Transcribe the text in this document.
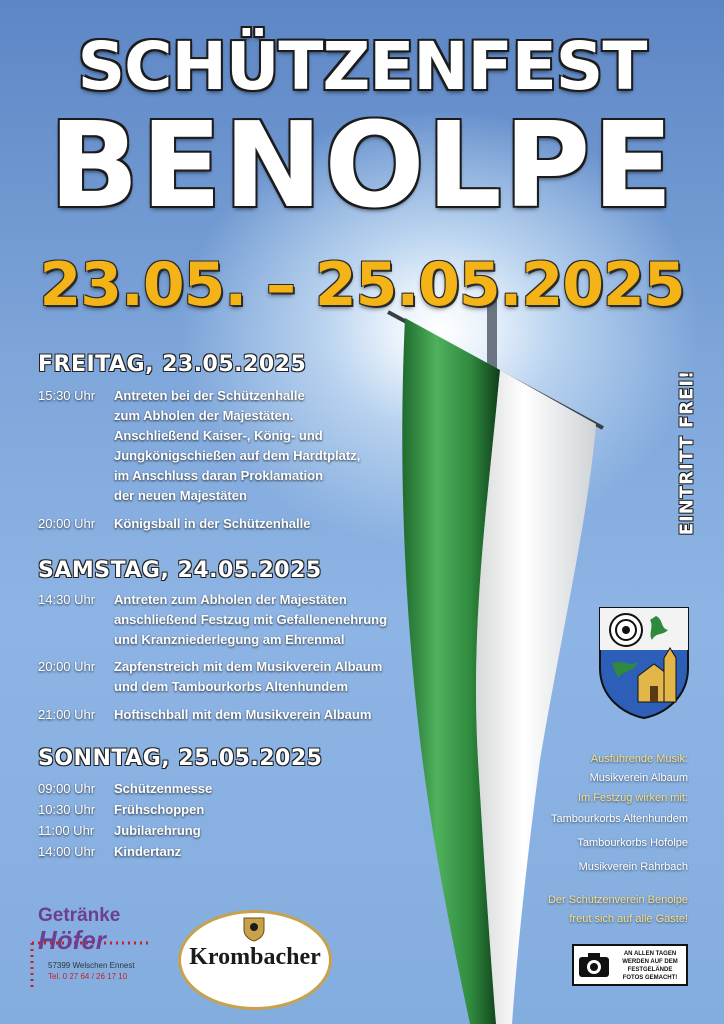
SCHÜTZENFEST
BENOLPE
23.05. – 25.05.2025
FREITAG, 23.05.2025
15:30 Uhr	Antreten bei der Schützenhalle
zum Abholen der Majestäten.
Anschließend Kaiser-, König- und
Jungkönigschießen auf dem Hardtplatz,
im Anschluss daran Proklamation
der neuen Majestäten
20:00 Uhr	Königsball in der Schützenhalle
SAMSTAG, 24.05.2025
14:30 Uhr	Antreten zum Abholen der Majestäten
anschließend Festzug mit Gefallenenehrung
und Kranzniederlegung am Ehrenmal
20:00 Uhr	Zapfenstreich mit dem Musikverein Albaum
und dem Tambourkorbs Altenhundem
21:00 Uhr	Hoftischball mit dem Musikverein Albaum
SONNTAG, 25.05.2025
09:00 Uhr	Schützenmesse
10:30 Uhr	Frühschoppen
11:00 Uhr	Jubilarehrung
14:00 Uhr	Kindertanz
EINTRITT FREI!
Ausführende Musik:
Musikverein Albaum
Im Festzug wirken mit:
Tambourkorbs Altenhundem
Tambourkorbs Hofolpe
Musikverein Rahrbach
Der Schützenverein Benolpe
freut sich auf alle Gäste!
Getränke
Höfer
57399 Welschen Ennest
Tel. 0 27 64 / 26 17 10
Krombacher	AN ALLEN TAGEN
WERDEN AUF DEM
FESTGELÄNDE
FOTOS GEMACHT!
